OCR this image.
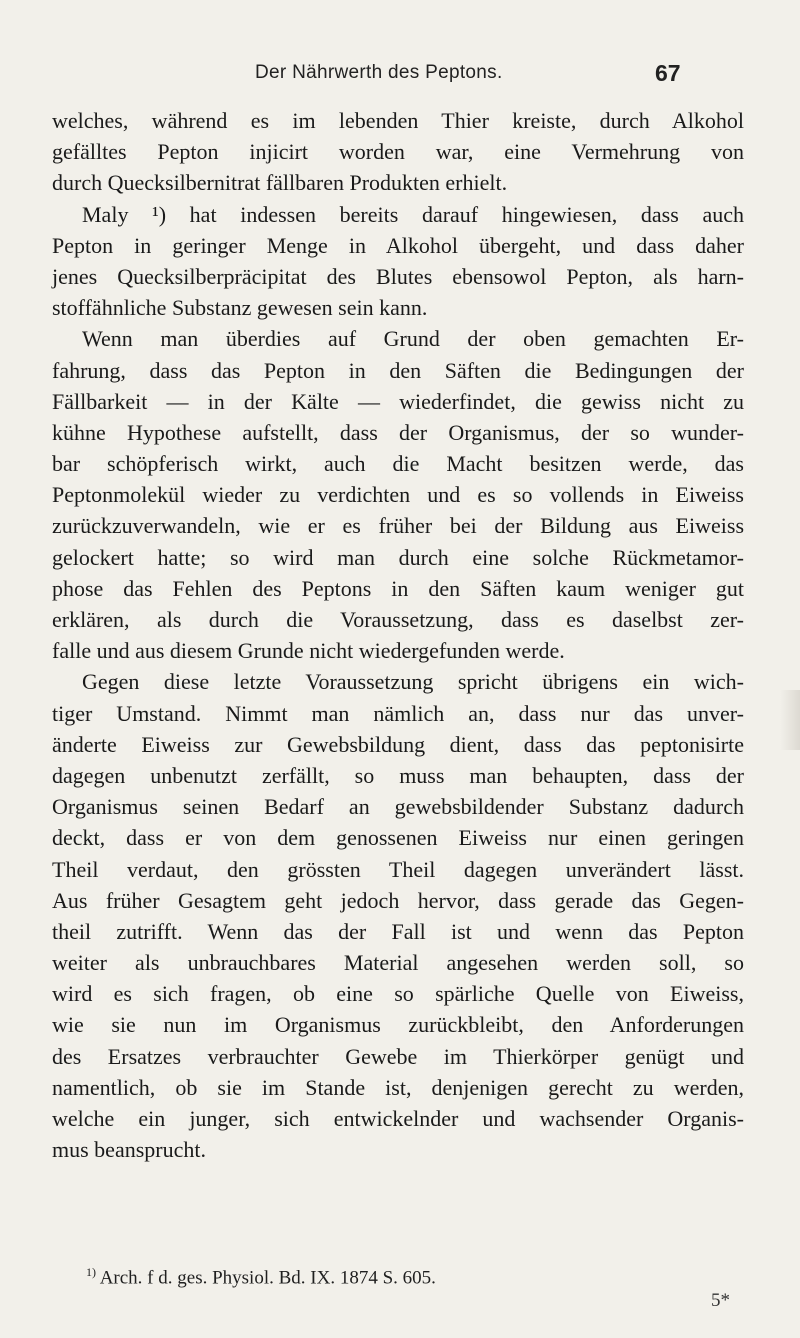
Der Nährwerth des Peptons.	67
welches, während es im lebenden Thier kreiste, durch Alkohol
gefälltes Pepton injicirt worden war, eine Vermehrung von
durch Quecksilbernitrat fällbaren Produkten erhielt.
Maly ¹) hat indessen bereits darauf hingewiesen, dass auch
Pepton in geringer Menge in Alkohol übergeht, und dass daher
jenes Quecksilberpräcipitat des Blutes ebensowol Pepton, als harn-
stoffähnliche Substanz gewesen sein kann.
Wenn man überdies auf Grund der oben gemachten Er-
fahrung, dass das Pepton in den Säften die Bedingungen der
Fällbarkeit — in der Kälte — wiederfindet, die gewiss nicht zu
kühne Hypothese aufstellt, dass der Organismus, der so wunder-
bar schöpferisch wirkt, auch die Macht besitzen werde, das
Peptonmolekül wieder zu verdichten und es so vollends in Eiweiss
zurückzuverwandeln, wie er es früher bei der Bildung aus Eiweiss
gelockert hatte; so wird man durch eine solche Rückmetamor-
phose das Fehlen des Peptons in den Säften kaum weniger gut
erklären, als durch die Voraussetzung, dass es daselbst zer-
falle und aus diesem Grunde nicht wiedergefunden werde.
Gegen diese letzte Voraussetzung spricht übrigens ein wich-
tiger Umstand. Nimmt man nämlich an, dass nur das unver-
änderte Eiweiss zur Gewebsbildung dient, dass das peptonisirte
dagegen unbenutzt zerfällt, so muss man behaupten, dass der
Organismus seinen Bedarf an gewebsbildender Substanz dadurch
deckt, dass er von dem genossenen Eiweiss nur einen geringen
Theil verdaut, den grössten Theil dagegen unverändert lässt.
Aus früher Gesagtem geht jedoch hervor, dass gerade das Gegen-
theil zutrifft. Wenn das der Fall ist und wenn das Pepton
weiter als unbrauchbares Material angesehen werden soll, so
wird es sich fragen, ob eine so spärliche Quelle von Eiweiss,
wie sie nun im Organismus zurückbleibt, den Anforderungen
des Ersatzes verbrauchter Gewebe im Thierkörper genügt und
namentlich, ob sie im Stande ist, denjenigen gerecht zu werden,
welche ein junger, sich entwickelnder und wachsender Organis-
mus beansprucht.
$^{1)}$ Arch. f d. ges. Physiol. Bd. IX. 1874 S. 605.
5*
